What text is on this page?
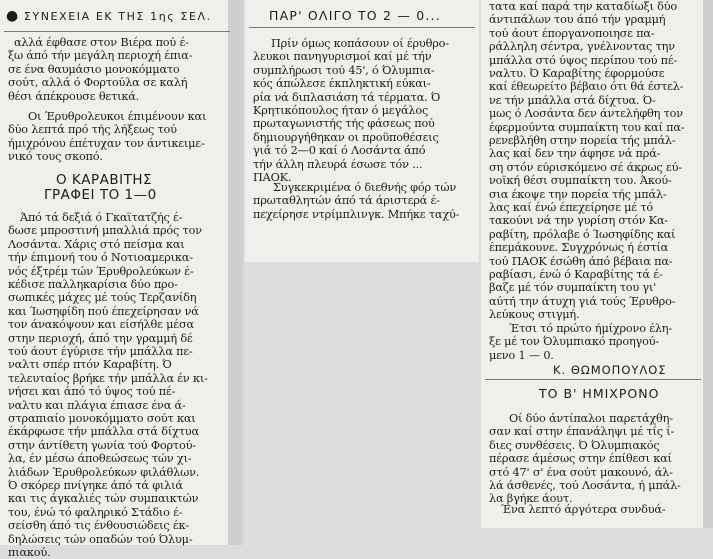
● ΣΥΝΕΧΕΙΑ ΕΚ ΤΗΣ 1ης ΣΕΛ.
αλλά έφθασε στον Βιέρα πού έ-
ξω άπό τήν μεγάλη περιοχή έπια-
σε ένα θαυμάσιο μονοκόμματο
σούτ, αλλά ό Φορτούλα σε καλή
θέσι άπέκρουσε θετικά.
Οι Έρυθρολευκοι έπιμένουν και
δύο λεπτά πρό τής λήξεως τού
ήμιχρόνου έπέτυχαν τον άντικειμε-
νικό τους σκοπό.
Ο ΚΑΡΑΒΙΤΗΣ
ΓΡΑΦΕΙ ΤΟ 1—0
Άπό τά δεξιά ό Γκαϊτατζής έ-
δωσε μπροστινή μπαλλιά πρός τον
Λοσάντα. Χάρις στό πείσμα και
τήν έπιμονή του ό Νοτιοαμερικα-
νός έξτρέμ τών Έρυθρολεύκων έ-
κέδισε παλληκαρίσια δύο προ-
σωπικές μάχες μέ τούς Τερζανίδη
και Ίωσηφίδη πού έπεχείρησαν νά
τον άνακόψουν και είσήλθε μέσα
στην περιοχή, άπό την γραμμή δέ
τού άουτ έγύρισε τήν μπάλλα πε-
ναλτι σπέρ πτόν Καραβίτη. Ό
τελευταίος βρήκε τήν μπάλλα έν κι-
νήσει και άπό τό ύψος τού πέ-
ναλτυ και πλάγια έπιασε ένα ά-
στραπιαίο μονοκόμματο σούτ και
έκάρφωσε τήν μπάλλα στά δίχτυα
στην άντίθετη γωνία τού Φορτού-
λα, έν μέσω άποθεώσεως τών χι-
λιάδων Έρυθρολεύκων φιλάθλων.
Ό σκόρερ πνίγηκε άπό τά φιλιά
και τις άγκαλιές τών συμπαικτών
του, ένώ τό φαληρικό Στάδιο έ-
σείσθη άπό τις ένθουσιώδεις έκ-
δηλώσεις τών οπαδών τού Όλυμ-
πιακού.
ΠΑΡ' ΟΛΙΓΟ ΤΟ 2 — 0...
Πρίν όμως κοπάσουν οί έρυθρο-
λευκοι πανηγυρισμοί καί μέ τήν
συμπλήρωσι τού 45', ό Όλυμπια-
κός άπώλεσε έκπληκτική εύκαι-
ρία νά διπλασιάση τά τέρματα. Ό
Κρητικόπουλος ήταν ό μεγάλος
πρωταγωνιστής τής φάσεως πού
δημιουργήθηκαν οι προϋποθέσεις
γιά τό 2—0 καί ό Λοσάντα άπό
τήν άλλη πλευρά έσωσε τόν ...
ΠΑΟΚ.
Συγκεκριμένα ό διεθνής φόρ τών
πρωταθλητών άπό τά άριστερά έ-
πεχείρησε ντρίμπλινγκ. Μπήκε ταχύ-
τατα καί παρά την καταδίωξι δύο
άντιπάλων του άπό τήν γραμμή
τού άουτ έποργανοποιησε πα-
ράλληλη σέντρα, γνέλνοντας την
μπάλλα στό ύψος περίπου τού πέ-
ναλτυ. Ό Καραβίτης έφορμούσε
καί έθεωρείτο βέβαιο ότι θά έστελ-
νε τήν μπάλλα στά δίχτυα. Ό-
μως ό Λοσάντα δεν άντελήφθη τον
έφερμούντα συμπαίκτη του καί πα-
ρενεβλήθη στην πορεία τής μπάλ-
λας καί δεν την άφησε νά πρά-
ση στόν εύρισκόμενο σέ άκρως εύ-
νοϊκή θέσι συμπαίκτη του. Άκού-
σια έκοψε την πορεία τής μπάλ-
λας καί ένώ έπεχείρησε μέ τό
τακούνι νά την γυρίση στόν Κα-
ραβίτη, πρόλαβε ό Ίωσηφίδης καί
έπεμάκουνε. Συγχρόνως ή έστία
τού ΠΑΟΚ έσώθη άπό βέβαια πα-
ραβίασι, ένώ ό Καραβίτης τά έ-
βαζε μέ τόν συμπαίκτη του γι'
αύτή την άτυχη γιά τούς Έρυθρο-
λεύκους στιγμή.
Έτσι τό πρώτο ήμίχρονο έλη-
ξε μέ τον Όλυμπιακό προηγού-
μενο 1 — 0.
Κ. ΘΩΜΟΠΟΥΛΟΣ
ΤΟ Β' ΗΜΙΧΡΟΝΟ
Οί δύο άντίπαλοι παρετάχθη-
σαν καί στην έπανάληψι μέ τίς ί-
διες συνθέσεις. Ό Όλυμπιακός
πέρασε άμέσως στην έπίθεσι καί
στό 47' σ' ένα σούτ μακουνό, άλ-
λά άσθενές, τού Λοσάντα, ή μπάλ-
λα βγήκε άουτ.
Ένα λεπτό άργότερα συνδυά-
